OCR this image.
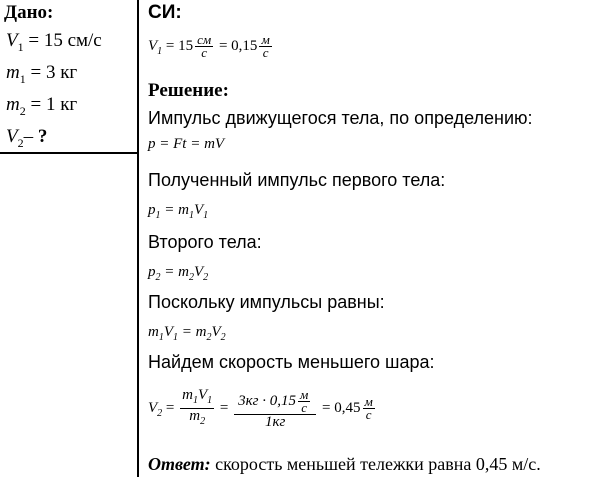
Дано:
$V_1 = 15$ см/с
$m_1 = 3$ кг
$m_2 = 1$ кг
$V_2-$ ?
СИ:
$V_1 = 15 \frac{см}{с} = 0,15 \frac{м}{с}$
Решение:
Импульс движущегося тела, по определению:
p = Ft = mV
Полученный импульс первого тела:
$p_1 = m_1V_1$
Второго тела:
$p_2 = m_2V_2$
Поскольку импульсы равны:
$m_1V_1 = m_2V_2$
Найдем скорость меньшего шара:
$V_2 = \frac{m_1V_1}{m_2} = \frac{3кг \cdot 0,15 \frac{м}{с}}{1кг} = 0,45 \frac{м}{с}$
Ответ: скорость меньшей тележки равна 0,45 м/с.
